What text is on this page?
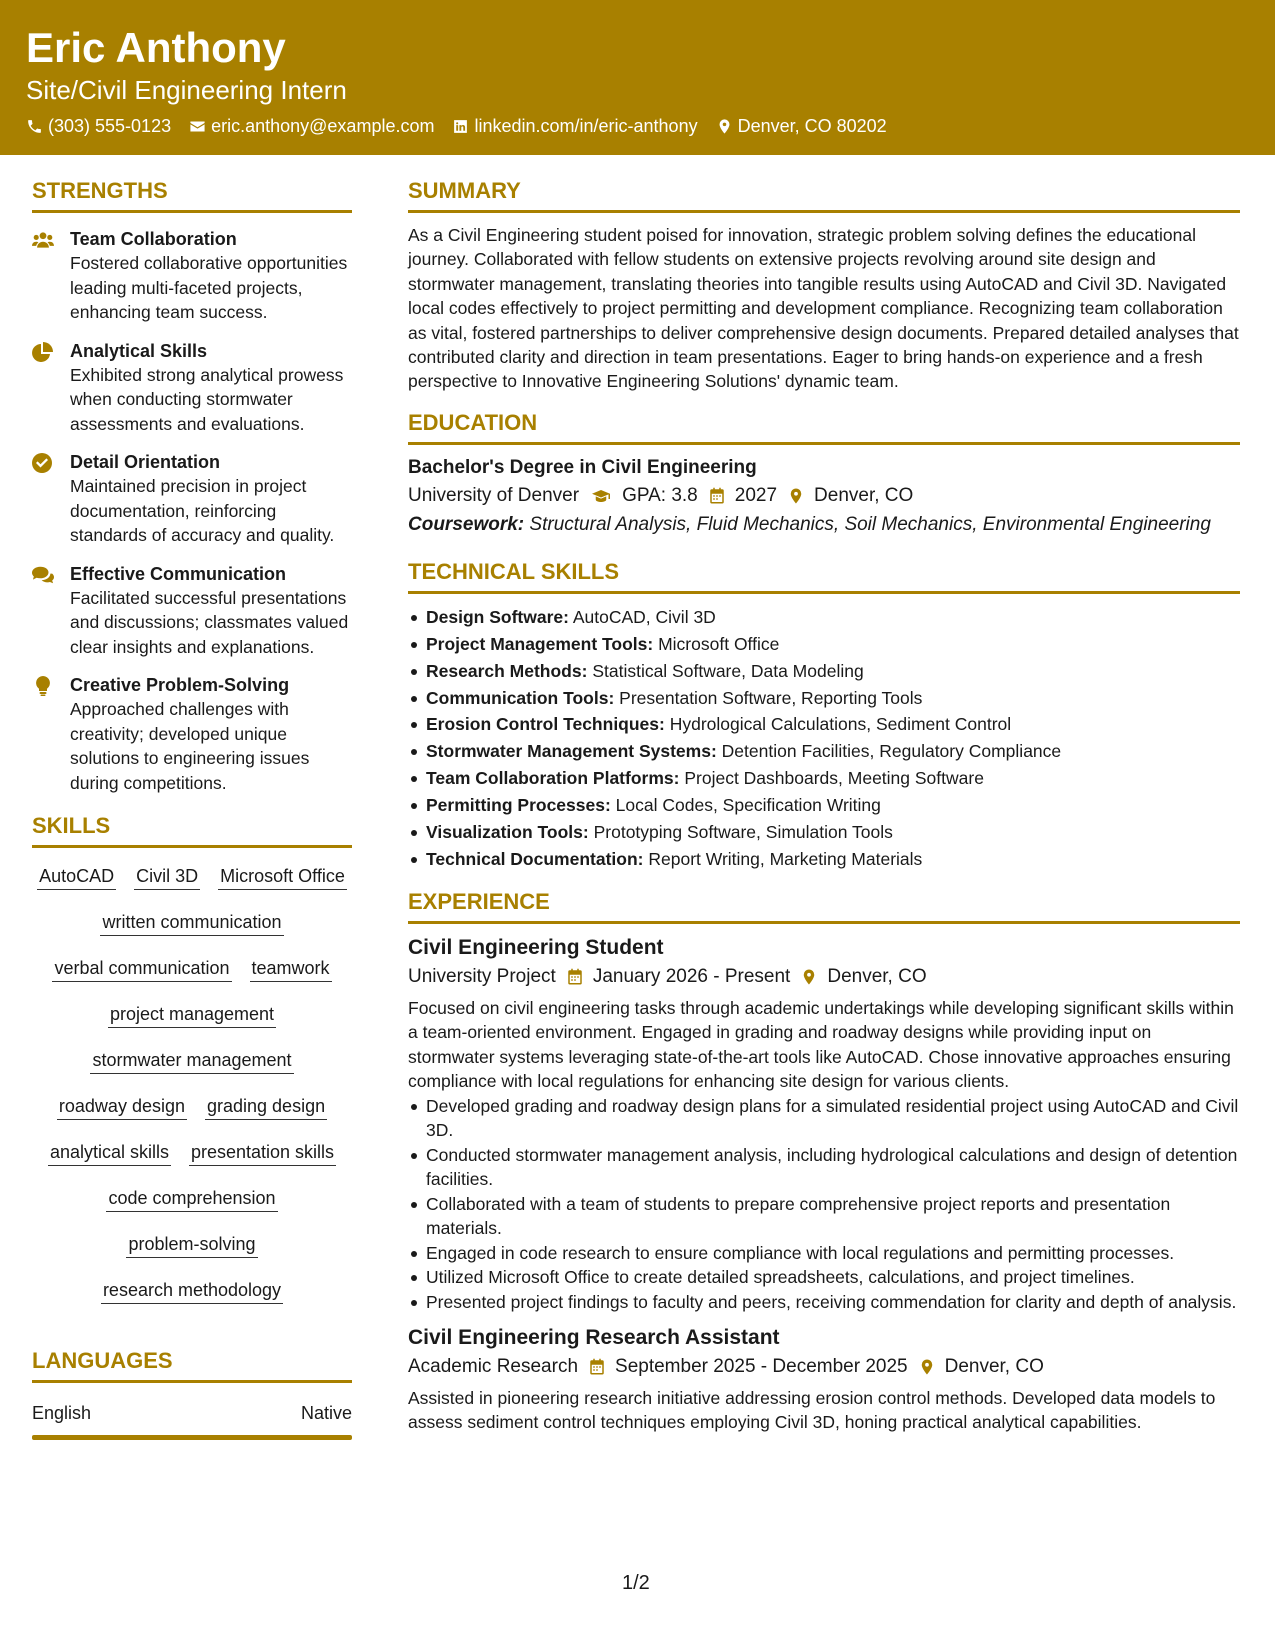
Eric Anthony
Site/Civil Engineering Intern
(303) 555-0123 eric.anthony@example.com linkedin.com/in/eric-anthony Denver, CO 80202
STRENGTHS
Team Collaboration
Fostered collaborative opportunities leading multi-faceted projects, enhancing team success.
Analytical Skills
Exhibited strong analytical prowess when conducting stormwater assessments and evaluations.
Detail Orientation
Maintained precision in project documentation, reinforcing standards of accuracy and quality.
Effective Communication
Facilitated successful presentations and discussions; classmates valued clear insights and explanations.
Creative Problem-Solving
Approached challenges with creativity; developed unique solutions to engineering issues during competitions.
SKILLS
AutoCAD Civil 3D Microsoft Office
written communication
verbal communication teamwork
project management
stormwater management
roadway design grading design
analytical skills presentation skills
code comprehension
problem-solving
research methodology
LANGUAGES
English	Native
SUMMARY
As a Civil Engineering student poised for innovation, strategic problem solving defines the educational journey. Collaborated with fellow students on extensive projects revolving around site design and stormwater management, translating theories into tangible results using AutoCAD and Civil 3D. Navigated local codes effectively to project permitting and development compliance. Recognizing team collaboration as vital, fostered partnerships to deliver comprehensive design documents. Prepared detailed analyses that contributed clarity and direction in team presentations. Eager to bring hands-on experience and a fresh perspective to Innovative Engineering Solutions' dynamic team.
EDUCATION
Bachelor's Degree in Civil Engineering
University of Denver GPA: 3.8 2027 Denver, CO
Coursework: Structural Analysis, Fluid Mechanics, Soil Mechanics, Environmental Engineering
TECHNICAL SKILLS
Design Software: AutoCAD, Civil 3D
Project Management Tools: Microsoft Office
Research Methods: Statistical Software, Data Modeling
Communication Tools: Presentation Software, Reporting Tools
Erosion Control Techniques: Hydrological Calculations, Sediment Control
Stormwater Management Systems: Detention Facilities, Regulatory Compliance
Team Collaboration Platforms: Project Dashboards, Meeting Software
Permitting Processes: Local Codes, Specification Writing
Visualization Tools: Prototyping Software, Simulation Tools
Technical Documentation: Report Writing, Marketing Materials
EXPERIENCE
Civil Engineering Student
University Project January 2026 - Present Denver, CO
Focused on civil engineering tasks through academic undertakings while developing significant skills within a team-oriented environment. Engaged in grading and roadway designs while providing input on stormwater systems leveraging state-of-the-art tools like AutoCAD. Chose innovative approaches ensuring compliance with local regulations for enhancing site design for various clients.
Developed grading and roadway design plans for a simulated residential project using AutoCAD and Civil 3D.
Conducted stormwater management analysis, including hydrological calculations and design of detention facilities.
Collaborated with a team of students to prepare comprehensive project reports and presentation materials.
Engaged in code research to ensure compliance with local regulations and permitting processes.
Utilized Microsoft Office to create detailed spreadsheets, calculations, and project timelines.
Presented project findings to faculty and peers, receiving commendation for clarity and depth of analysis.
Civil Engineering Research Assistant
Academic Research September 2025 - December 2025 Denver, CO
Assisted in pioneering research initiative addressing erosion control methods. Developed data models to assess sediment control techniques employing Civil 3D, honing practical analytical capabilities.
1/2
